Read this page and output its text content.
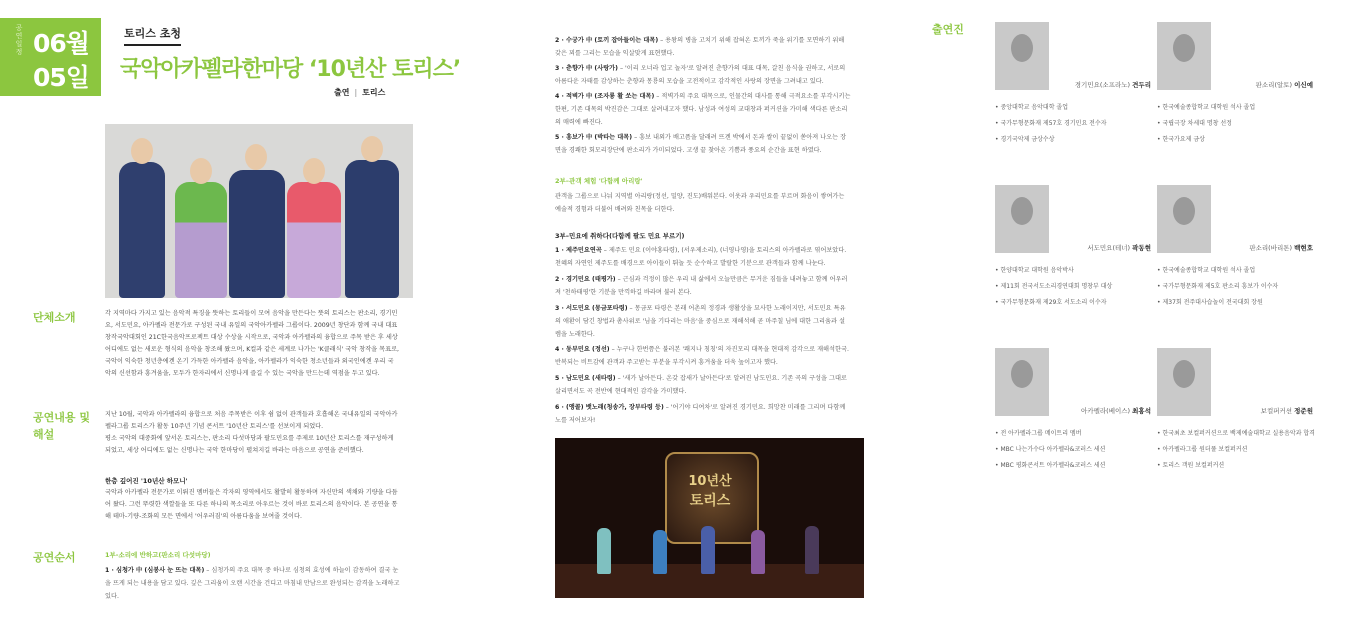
공연일정 06월
05일
토리스 초청
국악아카펠라한마당 ‘10년산 토리스’
출연 | 토리스
단체소개	각 지역마다 가지고 있는 음악적 특징을 뜻하는 토리들이 모여 음악을 만든다는 뜻의 토리스는 판소리, 경기민
요, 서도민요, 아카펠라 전문가로 구성된 국내 유일의 국악아카펠라 그룹이다. 2009년 창단과 함께 국내 대표
창작국악대회인 21C한국음악프로젝트 대상 수상을 시작으로, 국악과 아카펠라의 융합으로 주목 받은 후 세상
어디에도 없는 새로운 형식의 음악을 창조해 왔으며, K컬과 같은 세계로 나가는 'K클래식' 국악 창작을 목표로,
국악이 익숙한 청년층에겐 온기 가득한 아카펠라 음악을, 아카펠라가 익숙한 청소년들과 외국인에겐 우리 국
악의 신선함과 흥겨움을, 모두가 한자리에서 신명나게 즐길 수 있는 국악을 만드는데 역점을 두고 있다.
공연내용 및 해설
지난 10월, 국악과 아카펠라의 융합으로 처음 주목받은 이후 쉼 없이 관객들과 호흡해온 국내유일의 국악아카
펠라그룹 토리스가 활동 10주년 기념 콘서트 '10년산 토리스'를 선보이게 되었다.
평소 국악의 대중화에 앞서온 토리스는, 판소리 다섯마당과 팔도민요를 주제로 10년산 토리스를 재구성하게
되었고, 세상 어디에도 없는 신명나는 국악 한마당이 펼쳐지길 바라는 마음으로 공연을 준비했다.
한층 깊어진 '10년산 하모니'
국악과 아카펠라 전문가로 이뤄진 멤버들은 각자의 영역에서도 활발히 활동하며 자신만의 색채와 기량을 다듬
어 왔다. 그런 뚜렷한 색깔들을 또 다른 하나의 목소리로 아우르는 것이 바로 토리스의 음악이다. 본 공연을 통
해 테마-기량-조화의 모든 면에서 '어우러짐'의 아름다움을 보여줄 것이다.
공연순서	1부-소리에 반하고(판소리 다섯마당)
1 · 심청가 中 (심봉사 눈 뜨는 대목) – 심청가의 주요 대목 중 하나로 심청의 효성에 하늘이 감동하여 결국 눈
을 뜨게 되는 내용을 담고 있다. 깊은 그리움이 오랜 시간을 건디고 마침내 만남으로 완성되는 감격을 노래하고
있다.
2 · 수궁가 中 (토끼 잡아들이는 대목) – 용왕의 병을 고치기 위해 잡혀온 토끼가 죽을 위기를 모면하기 위해
갖은 꾀를 그리는 모습을 익살맞게 표현했다.
3 · 춘향가 中 (사랑가) – '이리 오너라 업고 놀자'로 알려진 춘향가의 대표 대목, 갈친 음식을 권하고, 서로의
아름다운 자태를 감상하는 춘향과 몽룡의 모습을 고전적이고 감각적인 사랑의 장면을 그려내고 있다.
4 · 적벽가 中 (조자룡 활 쏘는 대목) – 적벽가의 주요 대목으로, 인물간의 대사를 통해 극적요소를 부각시키는
한편, 기존 대목의 박진감은 그대로 살려내고자 했다. 남성과 여성의 교대창과 퍼커션을 가미해 색다른 판소리
의 매력에 빠진다.
5 · 흥보가 中 (박타는 대목) – 흥보 내외가 배고픔을 달래려 뜨겐 박에서 돈과 쌀이 끝없이 쏟아져 나오는 장
면을 경쾌한 회모리장단에 판소리가 가미되었다. 고생 끝 찾아온 기쁨과 풍요의 순간을 표현 하였다.
2부–관객 체험 '다함께 아리랑'
관객을 그룹으로 나눠 지역별 아리랑(정선, 밀양, 진도)배워본다. 이웃과 우리민요를 부르며 화음이 쌓여가는
예술적 경험과 더불어 배려와 친목을 더한다.
3부–민요에 취하다(다함께 팔도 민요 부르기)
1 · 제주민요연곡 – 제주도 민요 (이야홍타령), (서우제소리), (너영나영)을 토리스의 아카펠라로 엮어보았다.
천혜의 자연인 제주도를 배경으로 아이들이 뛰놀 듯 순수하고 발랄한 기분으로 관객들과 함께 나눈다.
2 · 경기민요 (태평가) – 근심과 걱정이 많은 우리 내 삶에서 오늘만큼은 무거운 짐들을 내려놓고 함께 어우러
져 '천하태평'한 기분을 만끽하길 바라며 불러 본다.
3 · 서도민요 (몽금포타령) – 몽금포 타령은 본래 어촌의 정경과 생활상을 묘사한 노래이지만, 서도민요 특유
의 애환이 담긴 창법과 촘사위로 '님을 기다리는 마음'을 중심으로 재해석해 곧 마주칠 님에 대한 그리움과 설
렘을 노래한다.
4 · 동부민요 (정선) – 누구나 한번쯤은 불러본 '쾌지나 칭칭'의 자진모리 대목을 현대적 감각으로 재해석한국.
반복되는 비트감에 관객과 주고받는 부분을 부각시켜 흥겨움을 더욱 높이고자 했다.
5 · 남도민요 (새타령) – '새가 날아든다. 온갖 잡새가 날아든다'로 알려진 남도민요. 기존 곡의 구성을 그대로
살리면서도 곡 전반에 현대적인 감각을 가미했다.
6 · (앵콜) 뱃노래(청송가, 장부타령 등) – '어기야 디여차'로 알려진 경기민요. 희망찬 미래를 그리며 다함께
노를 저어보자!
10년산
토리스
출연진
경기민요(소프라노) 견두리
• 중앙대학교 음악대학 졸업
• 국가무형문화재 제57호 경기민요 전수자
• 경기국악제 금상수상
판소리(알토) 이신예
• 한국예술종합학교 대학원 석사 졸업
• 국립극장 차세대 명창 선정
• 한국가요제 금상
서도민요(테너) 곽동현
• 한양대학교 대학원 음악박사
• 제11회 전국서도소리경연대회 명창부 대상
• 국가무형문화재 제29호 서도소리 이수자
판소리(바리톤) 백현호
• 한국예술종합학교 대학원 석사 졸업
• 국가무형문화재 제5호 판소리 흥보가 이수자
• 제37회 전주대사습놀이 전국대회 장원
아카펠라(베이스) 최홍석
• 전 아카펠라그룹 메이트리 멤버
• MBC 나는가수다 아카펠라&코러스 세션
• MBC 평화콘서트 아카펠라&코러스 세션
보컬퍼커션 정준원
• 한국최초 보컬퍼커션으로 백제예술대학교 실용음악과 합격
• 아카펠라그룹 원더풀 보컬퍼커션
• 토리스 객원 보컬퍼커션
